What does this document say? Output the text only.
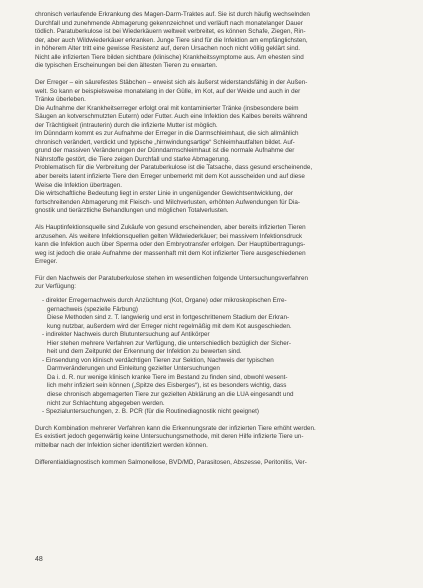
chronisch verlaufende Erkrankung des Magen-Darm-Traktes auf. Sie ist durch häufig wechselnden
Durchfall und zunehmende Abmagerung gekennzeichnet und verläuft nach monatelanger Dauer
tödlich. Paratuberkulose ist bei Wiederkäuern weltweit verbreitet, es können Schafe, Ziegen, Rin-
der, aber auch Wildwiederkäuer erkranken. Junge Tiere sind für die Infektion am empfänglichsten,
in höherem Alter tritt eine gewisse Resistenz auf, deren Ursachen noch nicht völlig geklärt sind.
Nicht alle infizierten Tiere bilden sichtbare (klinische) Krankheitssymptome aus. Am ehesten sind
die typischen Erscheinungen bei den ältesten Tieren zu erwarten.

Der Erreger – ein säurefestes Stäbchen – erweist sich als äußerst widerstandsfähig in der Außen-
welt. So kann er beispielsweise monatelang in der Gülle, im Kot, auf der Weide und auch in der
Tränke überleben.
Die Aufnahme der Krankheitserreger erfolgt oral mit kontaminierter Tränke (insbesondere beim
Säugen an kotverschmutzten Eutern) oder Futter. Auch eine Infektion des Kalbes bereits während
der Trächtigkeit (intrauterin) durch die infizierte Mutter ist möglich.
Im Dünndarm kommt es zur Aufnahme der Erreger in die Darmschleimhaut, die sich allmählich
chronisch verändert, verdickt und typische „hirnwindungsartige“ Schleimhautfalten bildet. Auf-
grund der massiven Veränderungen der Dünndarmschleimhaut ist die normale Aufnahme der
Nährstoffe gestört, die Tiere zeigen Durchfall und starke Abmagerung.
Problematisch für die Verbreitung der Paratuberkulose ist die Tatsache, dass gesund erscheinende,
aber bereits latent infizierte Tiere den Erreger unbemerkt mit dem Kot ausscheiden und auf diese
Weise die Infektion übertragen.
Die wirtschaftliche Bedeutung liegt in erster Linie in ungenügender Gewichtsentwicklung, der
fortschreitenden Abmagerung mit Fleisch- und Milchverlusten, erhöhten Aufwendungen für Dia-
gnostik und tierärztliche Behandlungen und möglichen Totalverlusten.

Als Hauptinfektionsquelle sind Zukäufe von gesund erscheinenden, aber bereits infizierten Tieren
anzusehen. Als weitere Infektionsquellen gelten Wildwiederkäuer; bei massivem Infektionsdruck
kann die Infektion auch über Sperma oder den Embryotransfer erfolgen. Der Hauptübertragungs-
weg ist jedoch die orale Aufnahme der massenhaft mit dem Kot infizierter Tiere ausgeschiedenen
Erreger.

Für den Nachweis der Paratuberkulose stehen im wesentlichen folgende Untersuchungsverfahren
zur Verfügung:

- direkter Erregernachweis durch Anzüchtung (Kot, Organe) oder mikroskopischen Erre-
gernachweis (spezielle Färbung)
Diese Methoden sind z. T. langwierig und erst in fortgeschrittenem Stadium der Erkran-
kung nutzbar, außerdem wird der Erreger nicht regelmäßig mit dem Kot ausgeschieden.
- indirekter Nachweis durch Blutuntersuchung auf Antikörper
Hier stehen mehrere Verfahren zur Verfügung, die unterschiedlich bezüglich der Sicher-
heit und dem Zeitpunkt der Erkennung der Infektion zu bewerten sind.
- Einsendung von klinisch verdächtigen Tieren zur Sektion, Nachweis der typischen
Darmveränderungen und Einleitung gezielter Untersuchungen
Da i. d. R. nur wenige klinisch kranke Tiere im Bestand zu finden sind, obwohl wesent-
lich mehr infiziert sein können („Spitze des Eisberges“), ist es besonders wichtig, dass
diese chronisch abgemagerten Tiere zur gezielten Abklärung an die LUA eingesandt und
nicht zur Schlachtung abgegeben werden.
- Spezialuntersuchungen, z. B. PCR (für die Routinediagnostik nicht geeignet)

Durch Kombination mehrerer Verfahren kann die Erkennungsrate der infizierten Tiere erhöht werden.
Es existiert jedoch gegenwärtig keine Untersuchungsmethode, mit deren Hilfe infizierte Tiere un-
mittelbar nach der Infektion sicher identifiziert werden können.

Differentialdiagnostisch kommen Salmonellose, BVD/MD, Parasitosen, Abszesse, Peritonitis, Ver-

48
